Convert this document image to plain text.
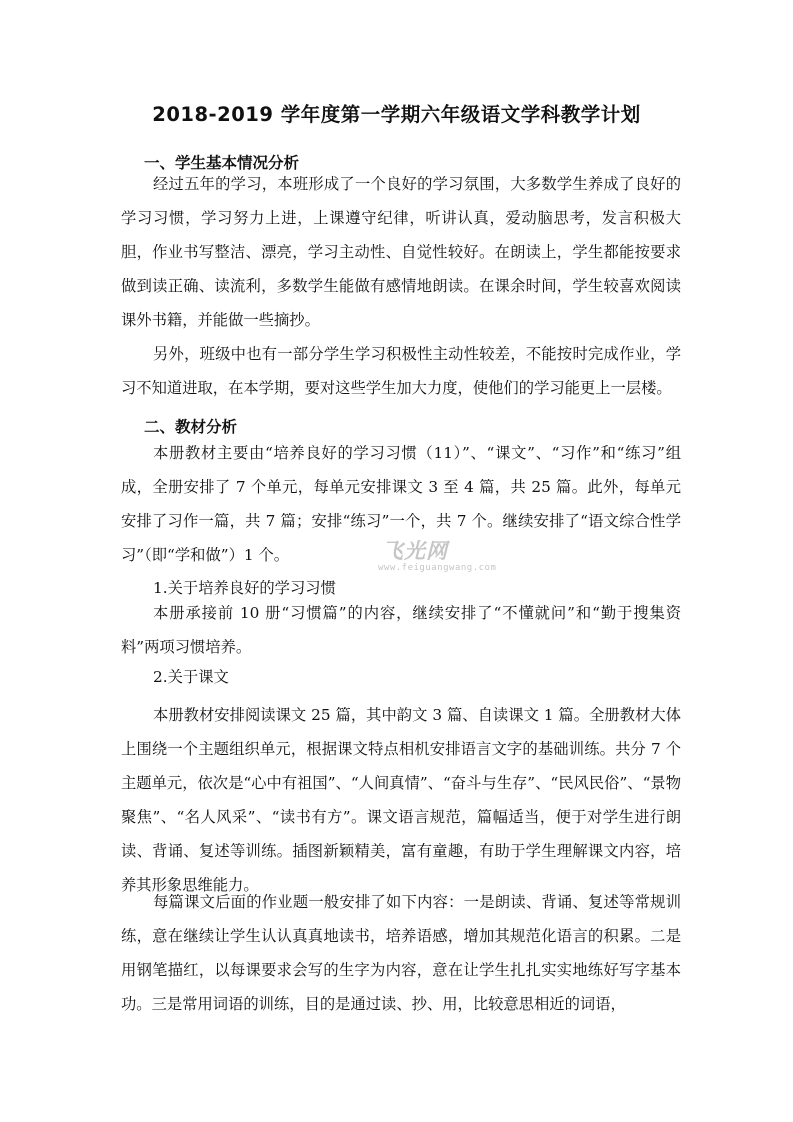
2018-2019 学年度第一学期六年级语文学科教学计划
一、学生基本情况分析

经过五年的学习，本班形成了一个良好的学习氛围，大多数学生养成了良好的学习习惯，学习努力上进，上课遵守纪律，听讲认真，爱动脑思考，发言积极大胆，作业书写整洁、漂亮，学习主动性、自觉性较好。在朗读上，学生都能按要求做到读正确、读流利，多数学生能做有感情地朗读。在课余时间，学生较喜欢阅读课外书籍，并能做一些摘抄。

另外，班级中也有一部分学生学习积极性主动性较差，不能按时完成作业，学习不知道进取，在本学期，要对这些学生加大力度，使他们的学习能更上一层楼。

二、教材分析

本册教材主要由“培养良好的学习习惯（11）”、“课文”、“习作”和“练习”组成，全册安排了 7 个单元，每单元安排课文 3 至 4 篇，共 25 篇。此外，每单元安排了习作一篇，共 7 篇；安排“练习”一个，共 7 个。继续安排了“语文综合性学习”（即“学和做”）1 个。

1.关于培养良好的学习习惯

本册承接前 10 册“习惯篇”的内容，继续安排了“不懂就问”和“勤于搜集资料”两项习惯培养。

2.关于课文

本册教材安排阅读课文 25 篇，其中韵文 3 篇、自读课文 1 篇。全册教材大体上围绕一个主题组织单元，根据课文特点相机安排语言文字的基础训练。共分 7 个主题单元，依次是“心中有祖国”、“人间真情”、“奋斗与生存”、“民风民俗”、“景物聚焦”、“名人风采”、“读书有方”。课文语言规范，篇幅适当，便于对学生进行朗读、背诵、复述等训练。插图新颖精美，富有童趣，有助于学生理解课文内容，培养其形象思维能力。

每篇课文后面的作业题一般安排了如下内容：一是朗读、背诵、复述等常规训练，意在继续让学生认认真真地读书，培养语感，增加其规范化语言的积累。二是用钢笔描红，以每课要求会写的生字为内容，意在让学生扎扎实实地练好写字基本功。三是常用词语的训练，目的是通过读、抄、用，比较意思相近的词语，

飞光网
www.feiguangwang.com
